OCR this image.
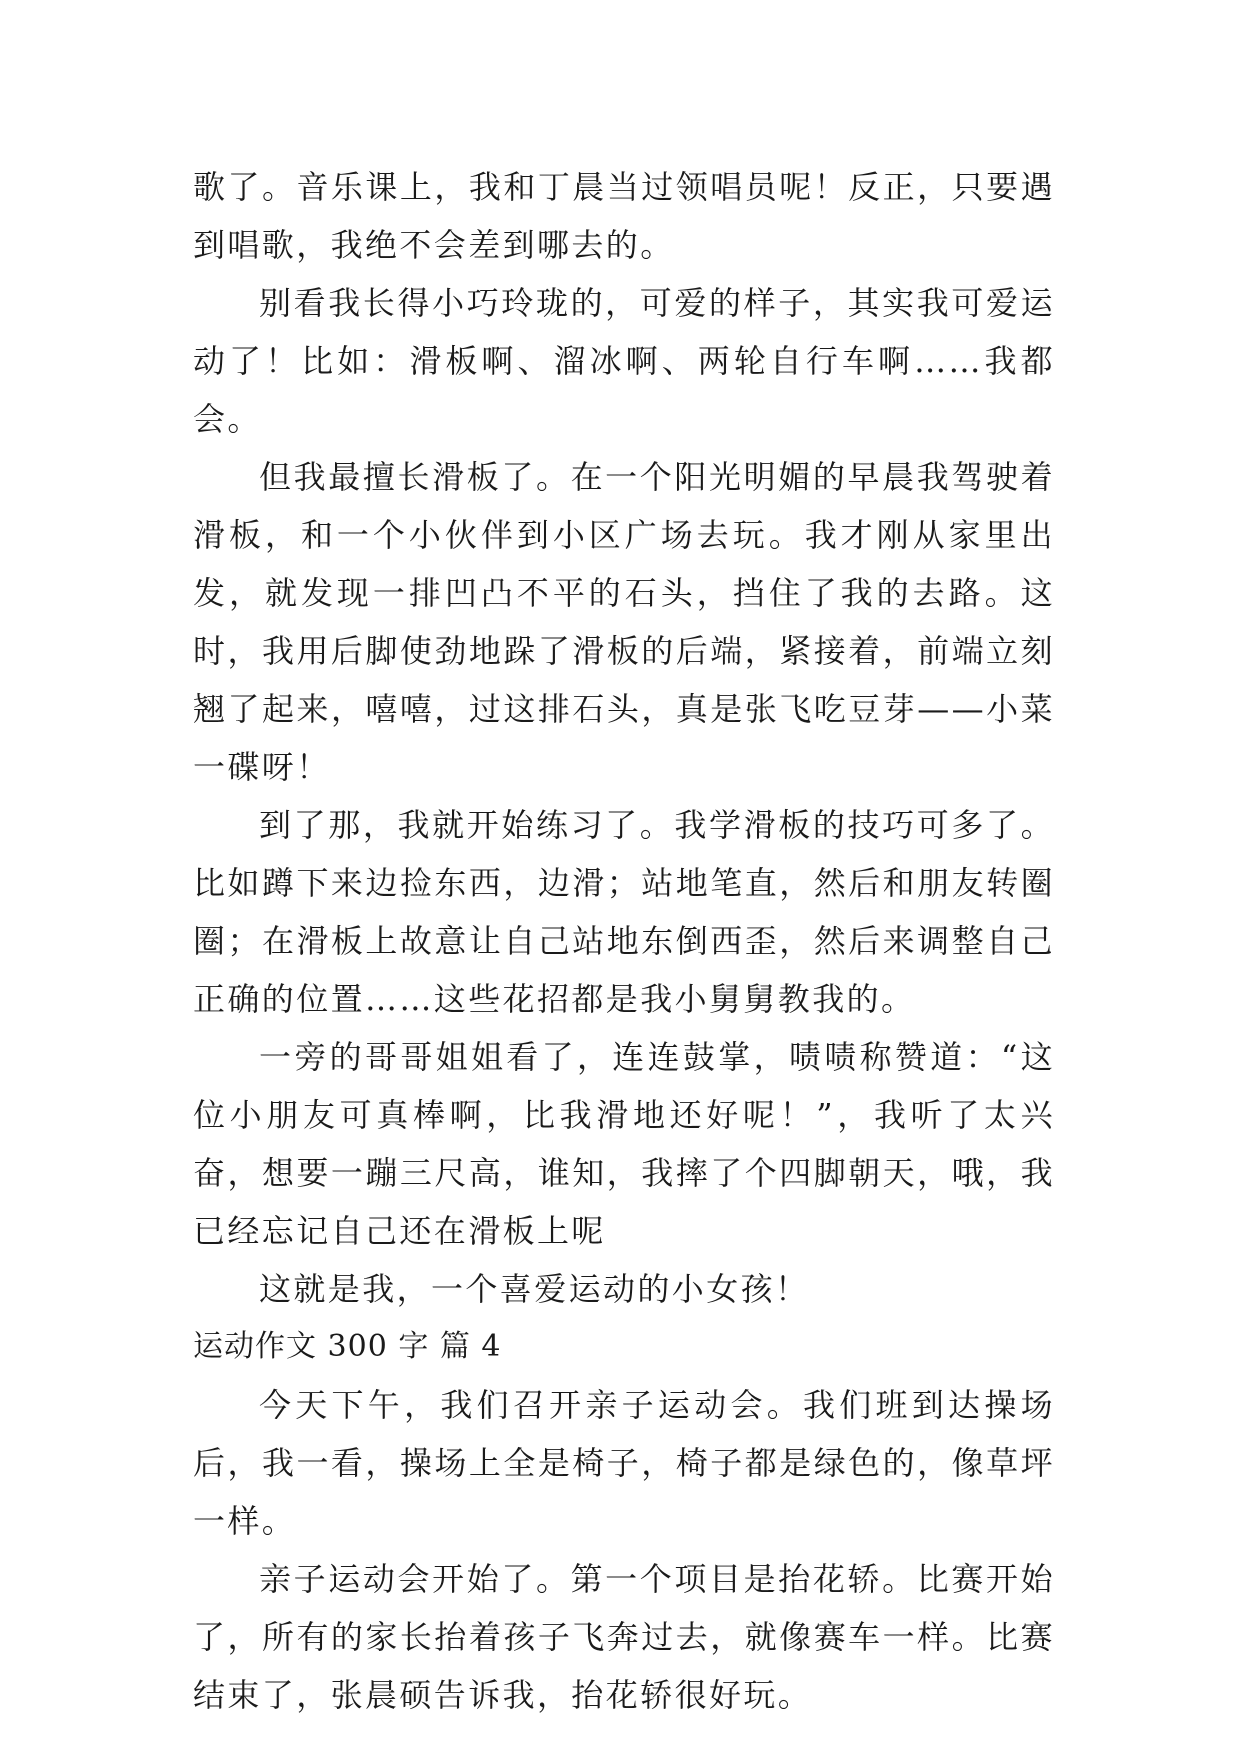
歌了。音乐课上，我和丁晨当过领唱员呢！反正，只要遇到唱歌，我绝不会差到哪去的。

别看我长得小巧玲珑的，可爱的样子，其实我可爱运动了！比如：滑板啊、溜冰啊、两轮自行车啊……我都会。

但我最擅长滑板了。在一个阳光明媚的早晨我驾驶着滑板，和一个小伙伴到小区广场去玩。我才刚从家里出发，就发现一排凹凸不平的石头，挡住了我的去路。这时，我用后脚使劲地跺了滑板的后端，紧接着，前端立刻翘了起来，嘻嘻，过这排石头，真是张飞吃豆芽——小菜一碟呀！

到了那，我就开始练习了。我学滑板的技巧可多了。比如蹲下来边捡东西，边滑；站地笔直，然后和朋友转圈圈；在滑板上故意让自己站地东倒西歪，然后来调整自己正确的位置……这些花招都是我小舅舅教我的。

一旁的哥哥姐姐看了，连连鼓掌，啧啧称赞道：“这位小朋友可真棒啊，比我滑地还好呢！”，我听了太兴奋，想要一蹦三尺高，谁知，我摔了个四脚朝天，哦，我已经忘记自己还在滑板上呢

这就是我，一个喜爱运动的小女孩！

运动作文 300 字 篇 4

今天下午，我们召开亲子运动会。我们班到达操场后，我一看，操场上全是椅子，椅子都是绿色的，像草坪一样。

亲子运动会开始了。第一个项目是抬花轿。比赛开始了，所有的家长抬着孩子飞奔过去，就像赛车一样。比赛结束了，张晨硕告诉我，抬花轿很好玩。
